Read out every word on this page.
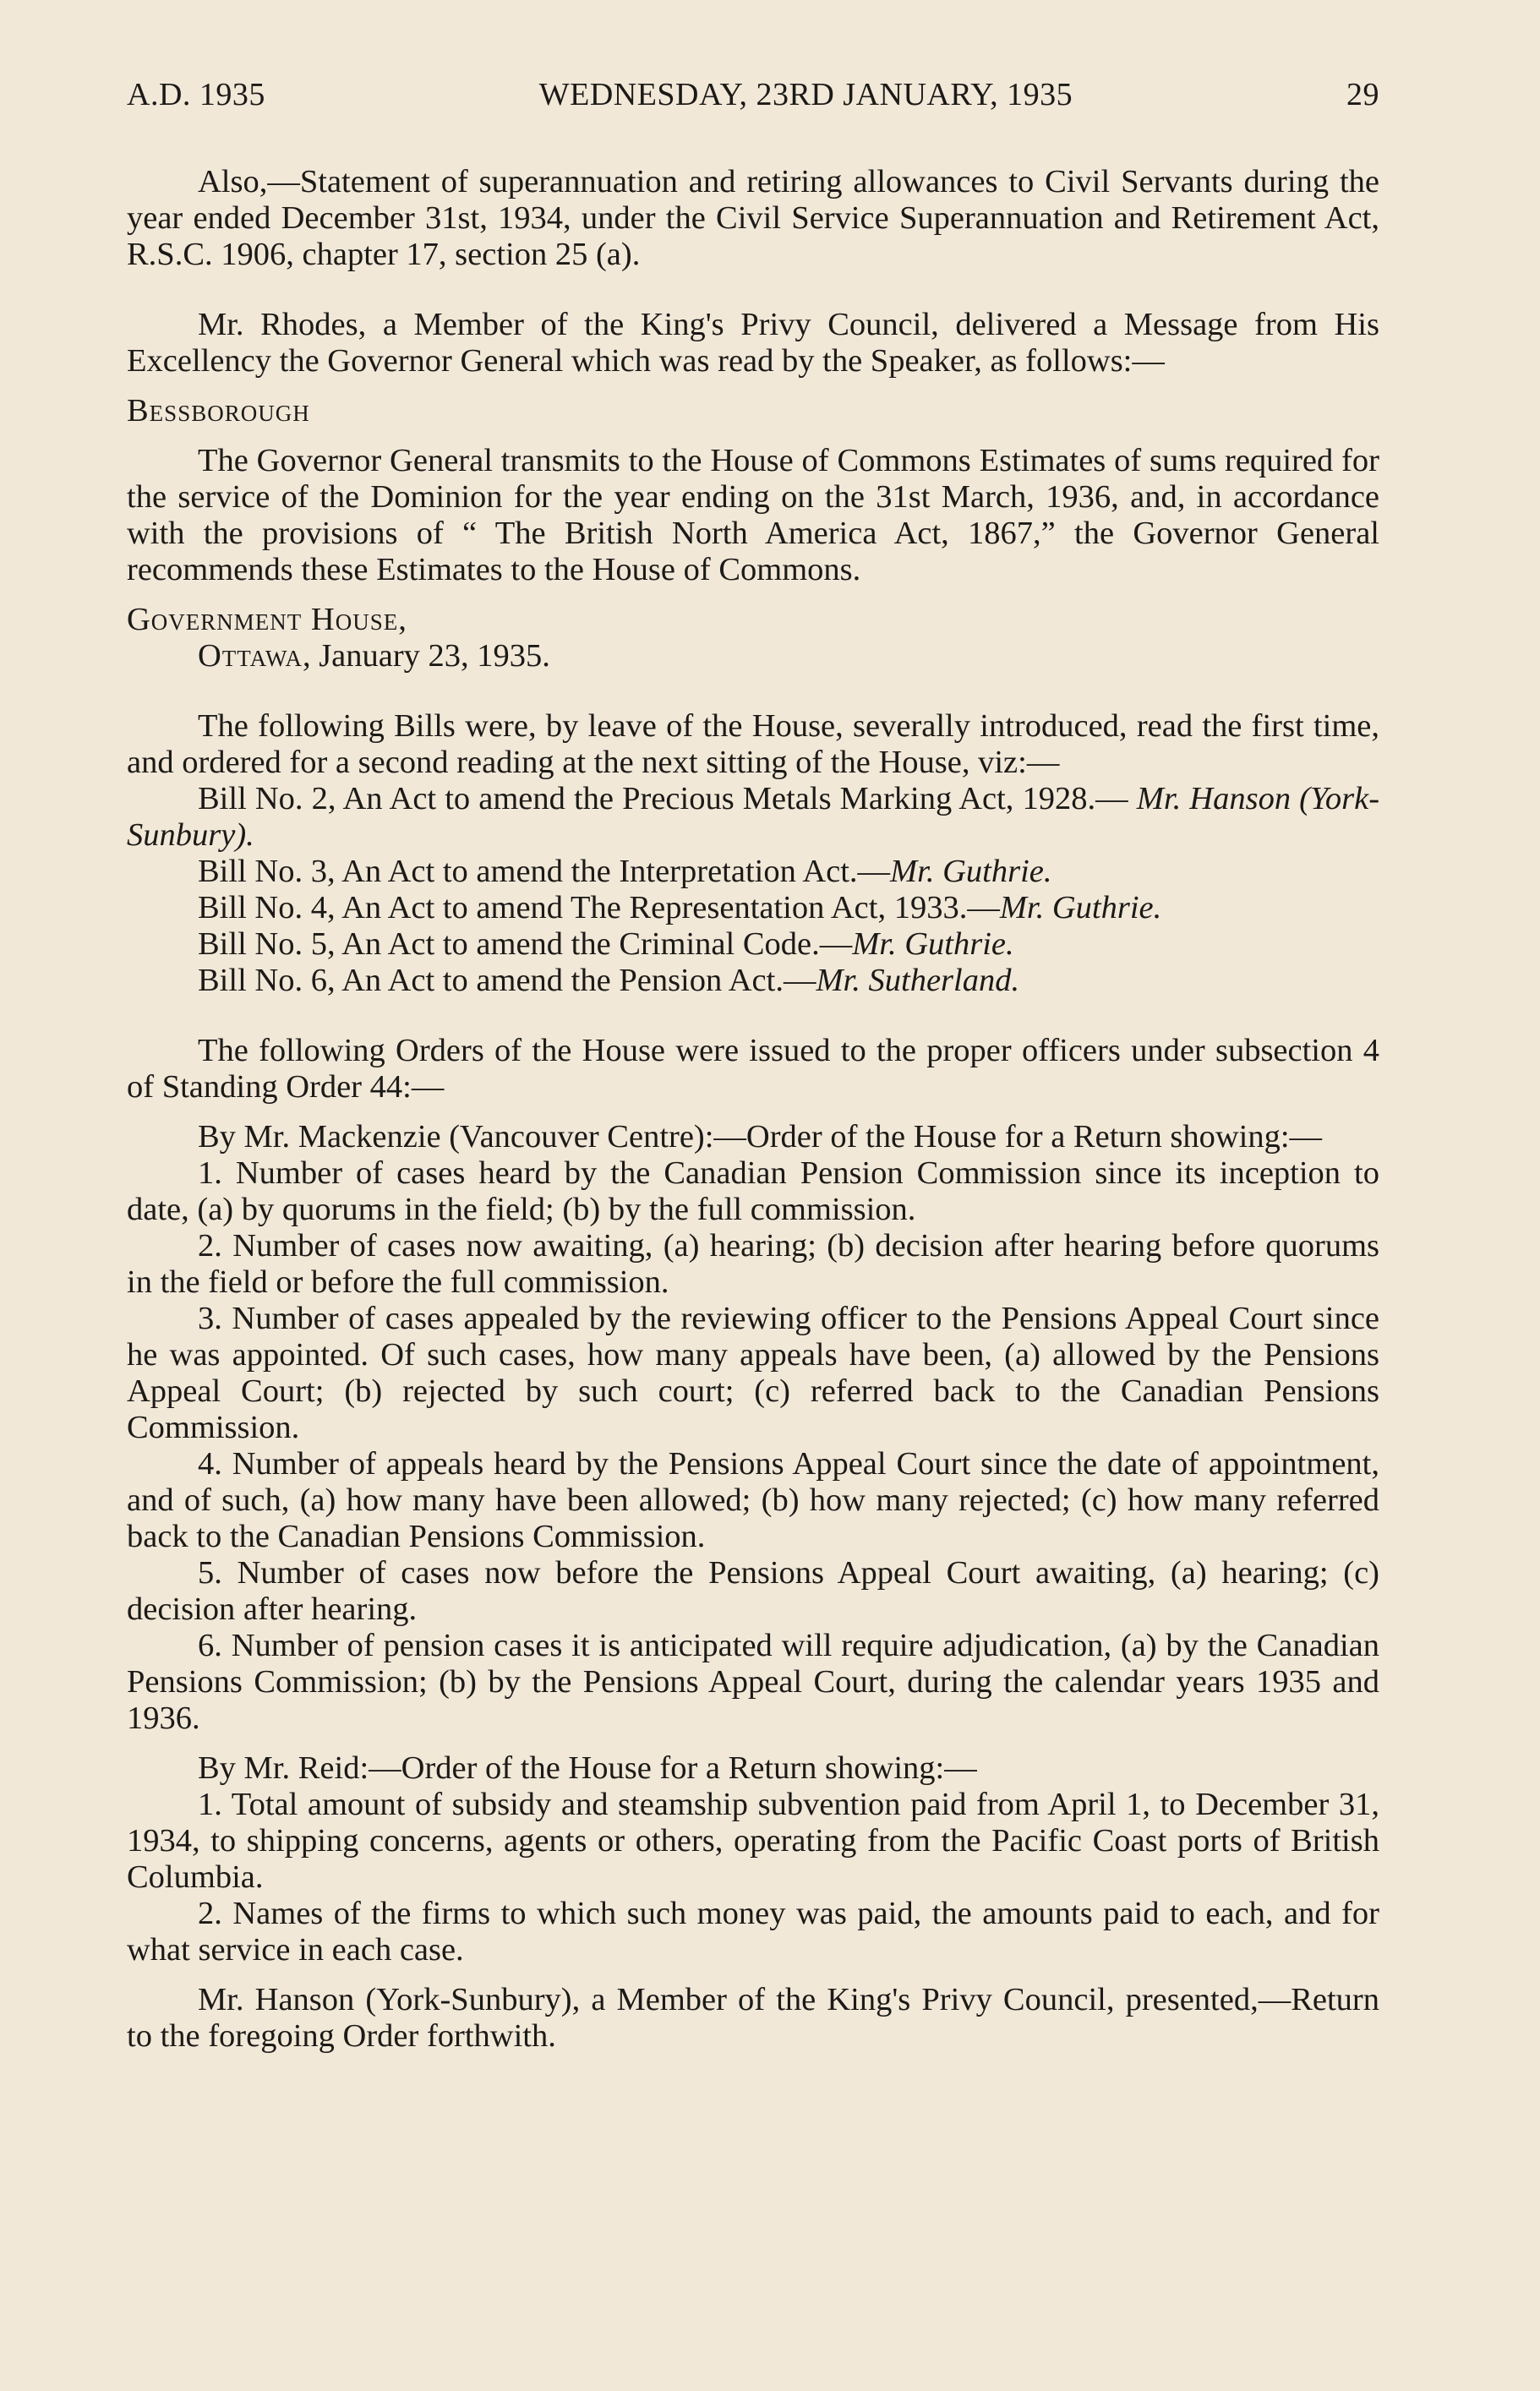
A.D. 1935	WEDNESDAY, 23RD JANUARY, 1935	29

Also,—Statement of superannuation and retiring allowances to Civil Servants during the year ended December 31st, 1934, under the Civil Service Superannuation and Retirement Act, R.S.C. 1906, chapter 17, section 25 (a).

Mr. Rhodes, a Member of the King's Privy Council, delivered a Message from His Excellency the Governor General which was read by the Speaker, as follows:—

Bessborough

The Governor General transmits to the House of Commons Estimates of sums required for the service of the Dominion for the year ending on the 31st March, 1936, and, in accordance with the provisions of “ The British North America Act, 1867,” the Governor General recommends these Estimates to the House of Commons.

Government House,

Ottawa, January 23, 1935.

The following Bills were, by leave of the House, severally introduced, read the first time, and ordered for a second reading at the next sitting of the House, viz:—

Bill No. 2, An Act to amend the Precious Metals Marking Act, 1928.— Mr. Hanson (York-Sunbury).

Bill No. 3, An Act to amend the Interpretation Act.—Mr. Guthrie.

Bill No. 4, An Act to amend The Representation Act, 1933.—Mr. Guthrie.

Bill No. 5, An Act to amend the Criminal Code.—Mr. Guthrie.

Bill No. 6, An Act to amend the Pension Act.—Mr. Sutherland.

The following Orders of the House were issued to the proper officers under subsection 4 of Standing Order 44:—

By Mr. Mackenzie (Vancouver Centre):—Order of the House for a Return showing:—

1. Number of cases heard by the Canadian Pension Commission since its inception to date, (a) by quorums in the field; (b) by the full commission.

2. Number of cases now awaiting, (a) hearing; (b) decision after hearing before quorums in the field or before the full commission.

3. Number of cases appealed by the reviewing officer to the Pensions Appeal Court since he was appointed. Of such cases, how many appeals have been, (a) allowed by the Pensions Appeal Court; (b) rejected by such court; (c) referred back to the Canadian Pensions Commission.

4. Number of appeals heard by the Pensions Appeal Court since the date of appointment, and of such, (a) how many have been allowed; (b) how many rejected; (c) how many referred back to the Canadian Pensions Commission.

5. Number of cases now before the Pensions Appeal Court awaiting, (a) hearing; (c) decision after hearing.

6. Number of pension cases it is anticipated will require adjudication, (a) by the Canadian Pensions Commission; (b) by the Pensions Appeal Court, during the calendar years 1935 and 1936.

By Mr. Reid:—Order of the House for a Return showing:—

1. Total amount of subsidy and steamship subvention paid from April 1, to December 31, 1934, to shipping concerns, agents or others, operating from the Pacific Coast ports of British Columbia.

2. Names of the firms to which such money was paid, the amounts paid to each, and for what service in each case.

Mr. Hanson (York-Sunbury), a Member of the King's Privy Council, presented,—Return to the foregoing Order forthwith.
